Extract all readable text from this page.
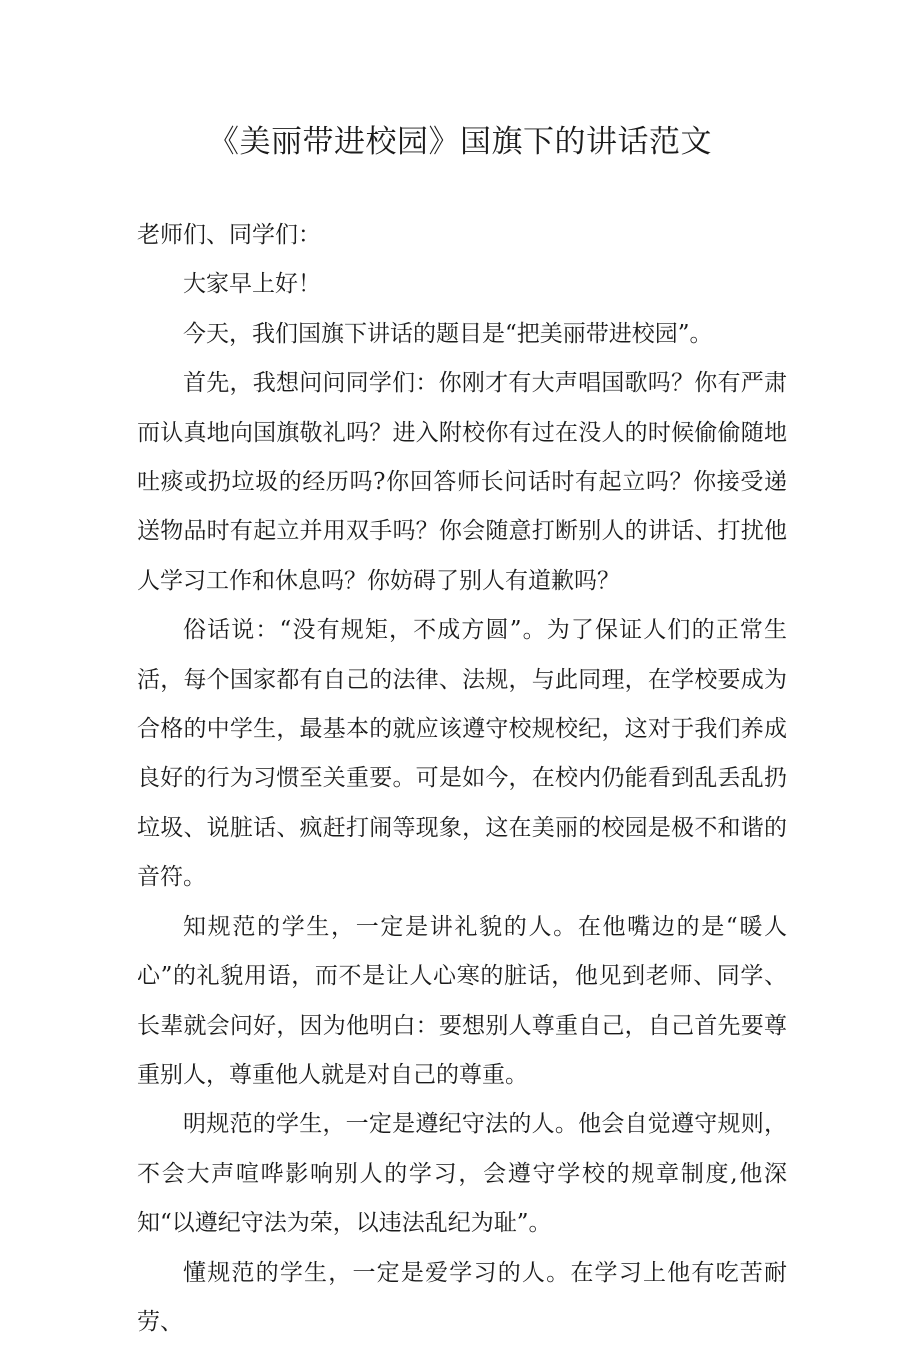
《美丽带进校园》国旗下的讲话范文

老师们、同学们：

大家早上好！

今天，我们国旗下讲话的题目是“把美丽带进校园”。

首先，我想问问同学们：你刚才有大声唱国歌吗？你有严肃而认真地向国旗敬礼吗？进入附校你有过在没人的时候偷偷随地吐痰或扔垃圾的经历吗?你回答师长问话时有起立吗？你接受递送物品时有起立并用双手吗？你会随意打断别人的讲话、打扰他人学习工作和休息吗？你妨碍了别人有道歉吗？

俗话说：“没有规矩，不成方圆”。为了保证人们的正常生活，每个国家都有自己的法律、法规，与此同理，在学校要成为合格的中学生，最基本的就应该遵守校规校纪，这对于我们养成良好的行为习惯至关重要。可是如今，在校内仍能看到乱丢乱扔垃圾、说脏话、疯赶打闹等现象，这在美丽的校园是极不和谐的音符。

知规范的学生，一定是讲礼貌的人。在他嘴边的是“暖人心”的礼貌用语，而不是让人心寒的脏话，他见到老师、同学、长辈就会问好，因为他明白：要想别人尊重自己，自己首先要尊重别人，尊重他人就是对自己的尊重。

明规范的学生，一定是遵纪守法的人。他会自觉遵守规则，不会大声喧哗影响别人的学习，会遵守学校的规章制度,他深知“以遵纪守法为荣，以违法乱纪为耻”。

懂规范的学生，一定是爱学习的人。在学习上他有吃苦耐劳、
